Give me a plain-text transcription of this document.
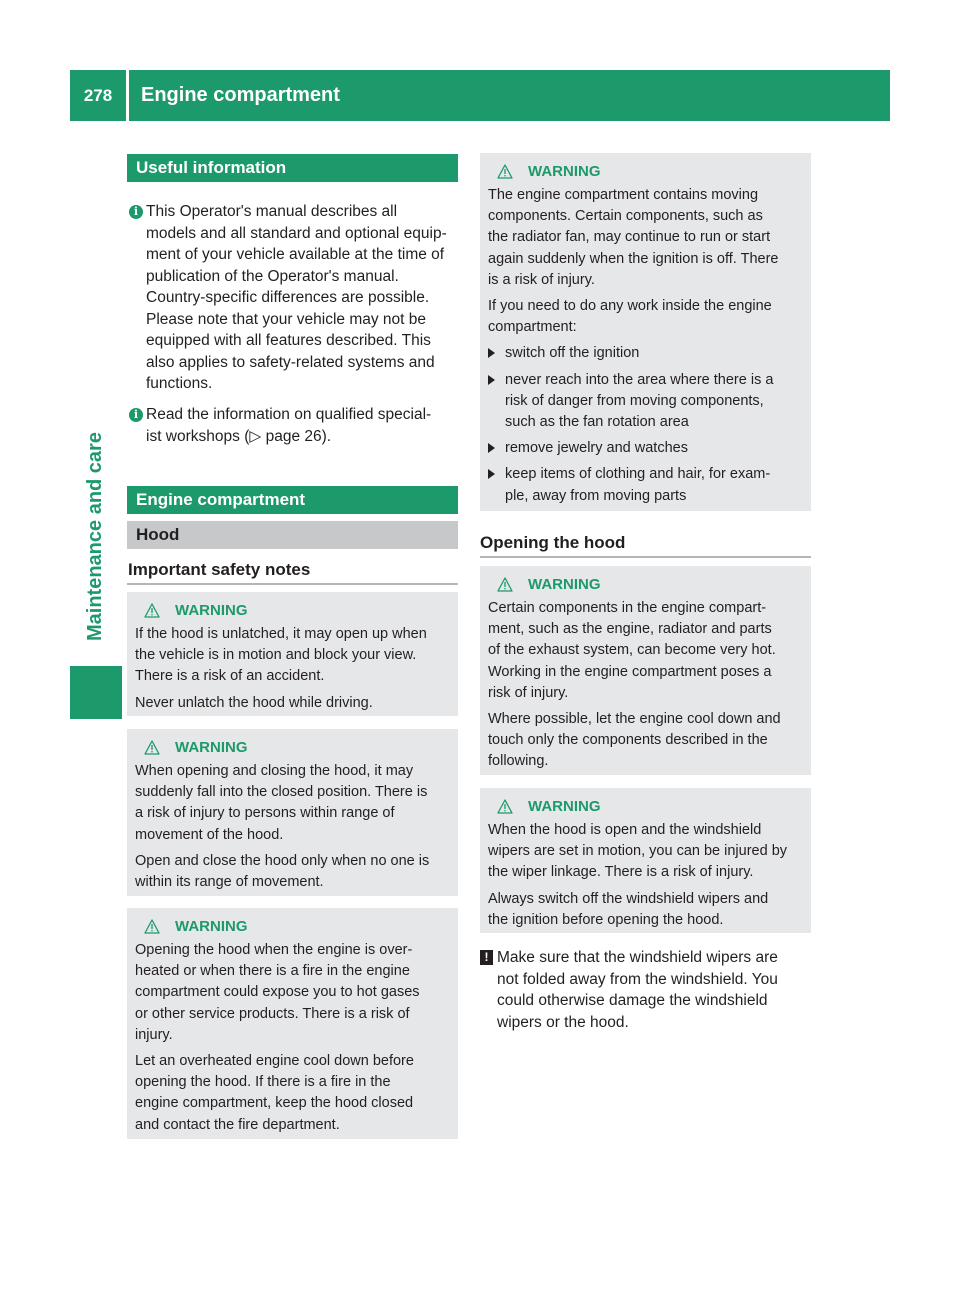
278	Engine compartment
Maintenance and care
Useful information
i This Operator's manual describes all
models and all standard and optional equip-
ment of your vehicle available at the time of
publication of the Operator's manual.
Country-specific differences are possible.
Please note that your vehicle may not be
equipped with all features described. This
also applies to safety-related systems and
functions.
i Read the information on qualified special-
ist workshops (▷ page 26).
Engine compartment
Hood
Important safety notes
WARNING

If the hood is unlatched, it may open up when
the vehicle is in motion and block your view.
There is a risk of an accident.

Never unlatch the hood while driving.

WARNING

When opening and closing the hood, it may
suddenly fall into the closed position. There is
a risk of injury to persons within range of
movement of the hood.

Open and close the hood only when no one is
within its range of movement.

WARNING

Opening the hood when the engine is over-
heated or when there is a fire in the engine
compartment could expose you to hot gases
or other service products. There is a risk of
injury.

Let an overheated engine cool down before
opening the hood. If there is a fire in the
engine compartment, keep the hood closed
and contact the fire department.

WARNING

The engine compartment contains moving
components. Certain components, such as
the radiator fan, may continue to run or start
again suddenly when the ignition is off. There
is a risk of injury.

If you need to do any work inside the engine
compartment:

switch off the ignition
never reach into the area where there is a
risk of danger from moving components,
such as the fan rotation area
remove jewelry and watches
keep items of clothing and hair, for exam-
ple, away from moving parts
Opening the hood
WARNING

Certain components in the engine compart-
ment, such as the engine, radiator and parts
of the exhaust system, can become very hot.
Working in the engine compartment poses a
risk of injury.

Where possible, let the engine cool down and
touch only the components described in the
following.

WARNING

When the hood is open and the windshield
wipers are set in motion, you can be injured by
the wiper linkage. There is a risk of injury.

Always switch off the windshield wipers and
the ignition before opening the hood.

! Make sure that the windshield wipers are
not folded away from the windshield. You
could otherwise damage the windshield
wipers or the hood.
